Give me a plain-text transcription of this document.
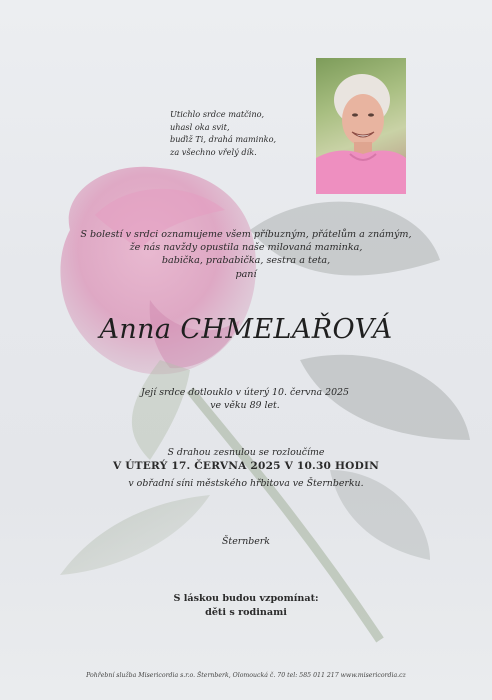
Utichlo srdce matčino,
uhasl oka svit,
buďiž Ti, drahá maminko,
za všechno vřelý dík.
S bolestí v srdci oznamujeme všem příbuzným, přátelům a známým,
že nás navždy opustila naše milovaná maminka,
babička, prababička, sestra a teta,
paní
Anna CHMELAŘOVÁ
Její srdce dotlouklo v úterý 10. června 2025
ve věku 89 let.
S drahou zesnulou se rozloučíme
V ÚTERÝ 17. ČERVNA 2025 V 10.30 HODIN
v obřadní síni městského hřbitova ve Šternberku.
Šternberk
S láskou budou vzpomínat:
děti s rodinami
Pohřební služba Misericordia s.r.o. Šternberk, Olomoucká č. 70 tel: 585 011 217 www.misericordia.cz
